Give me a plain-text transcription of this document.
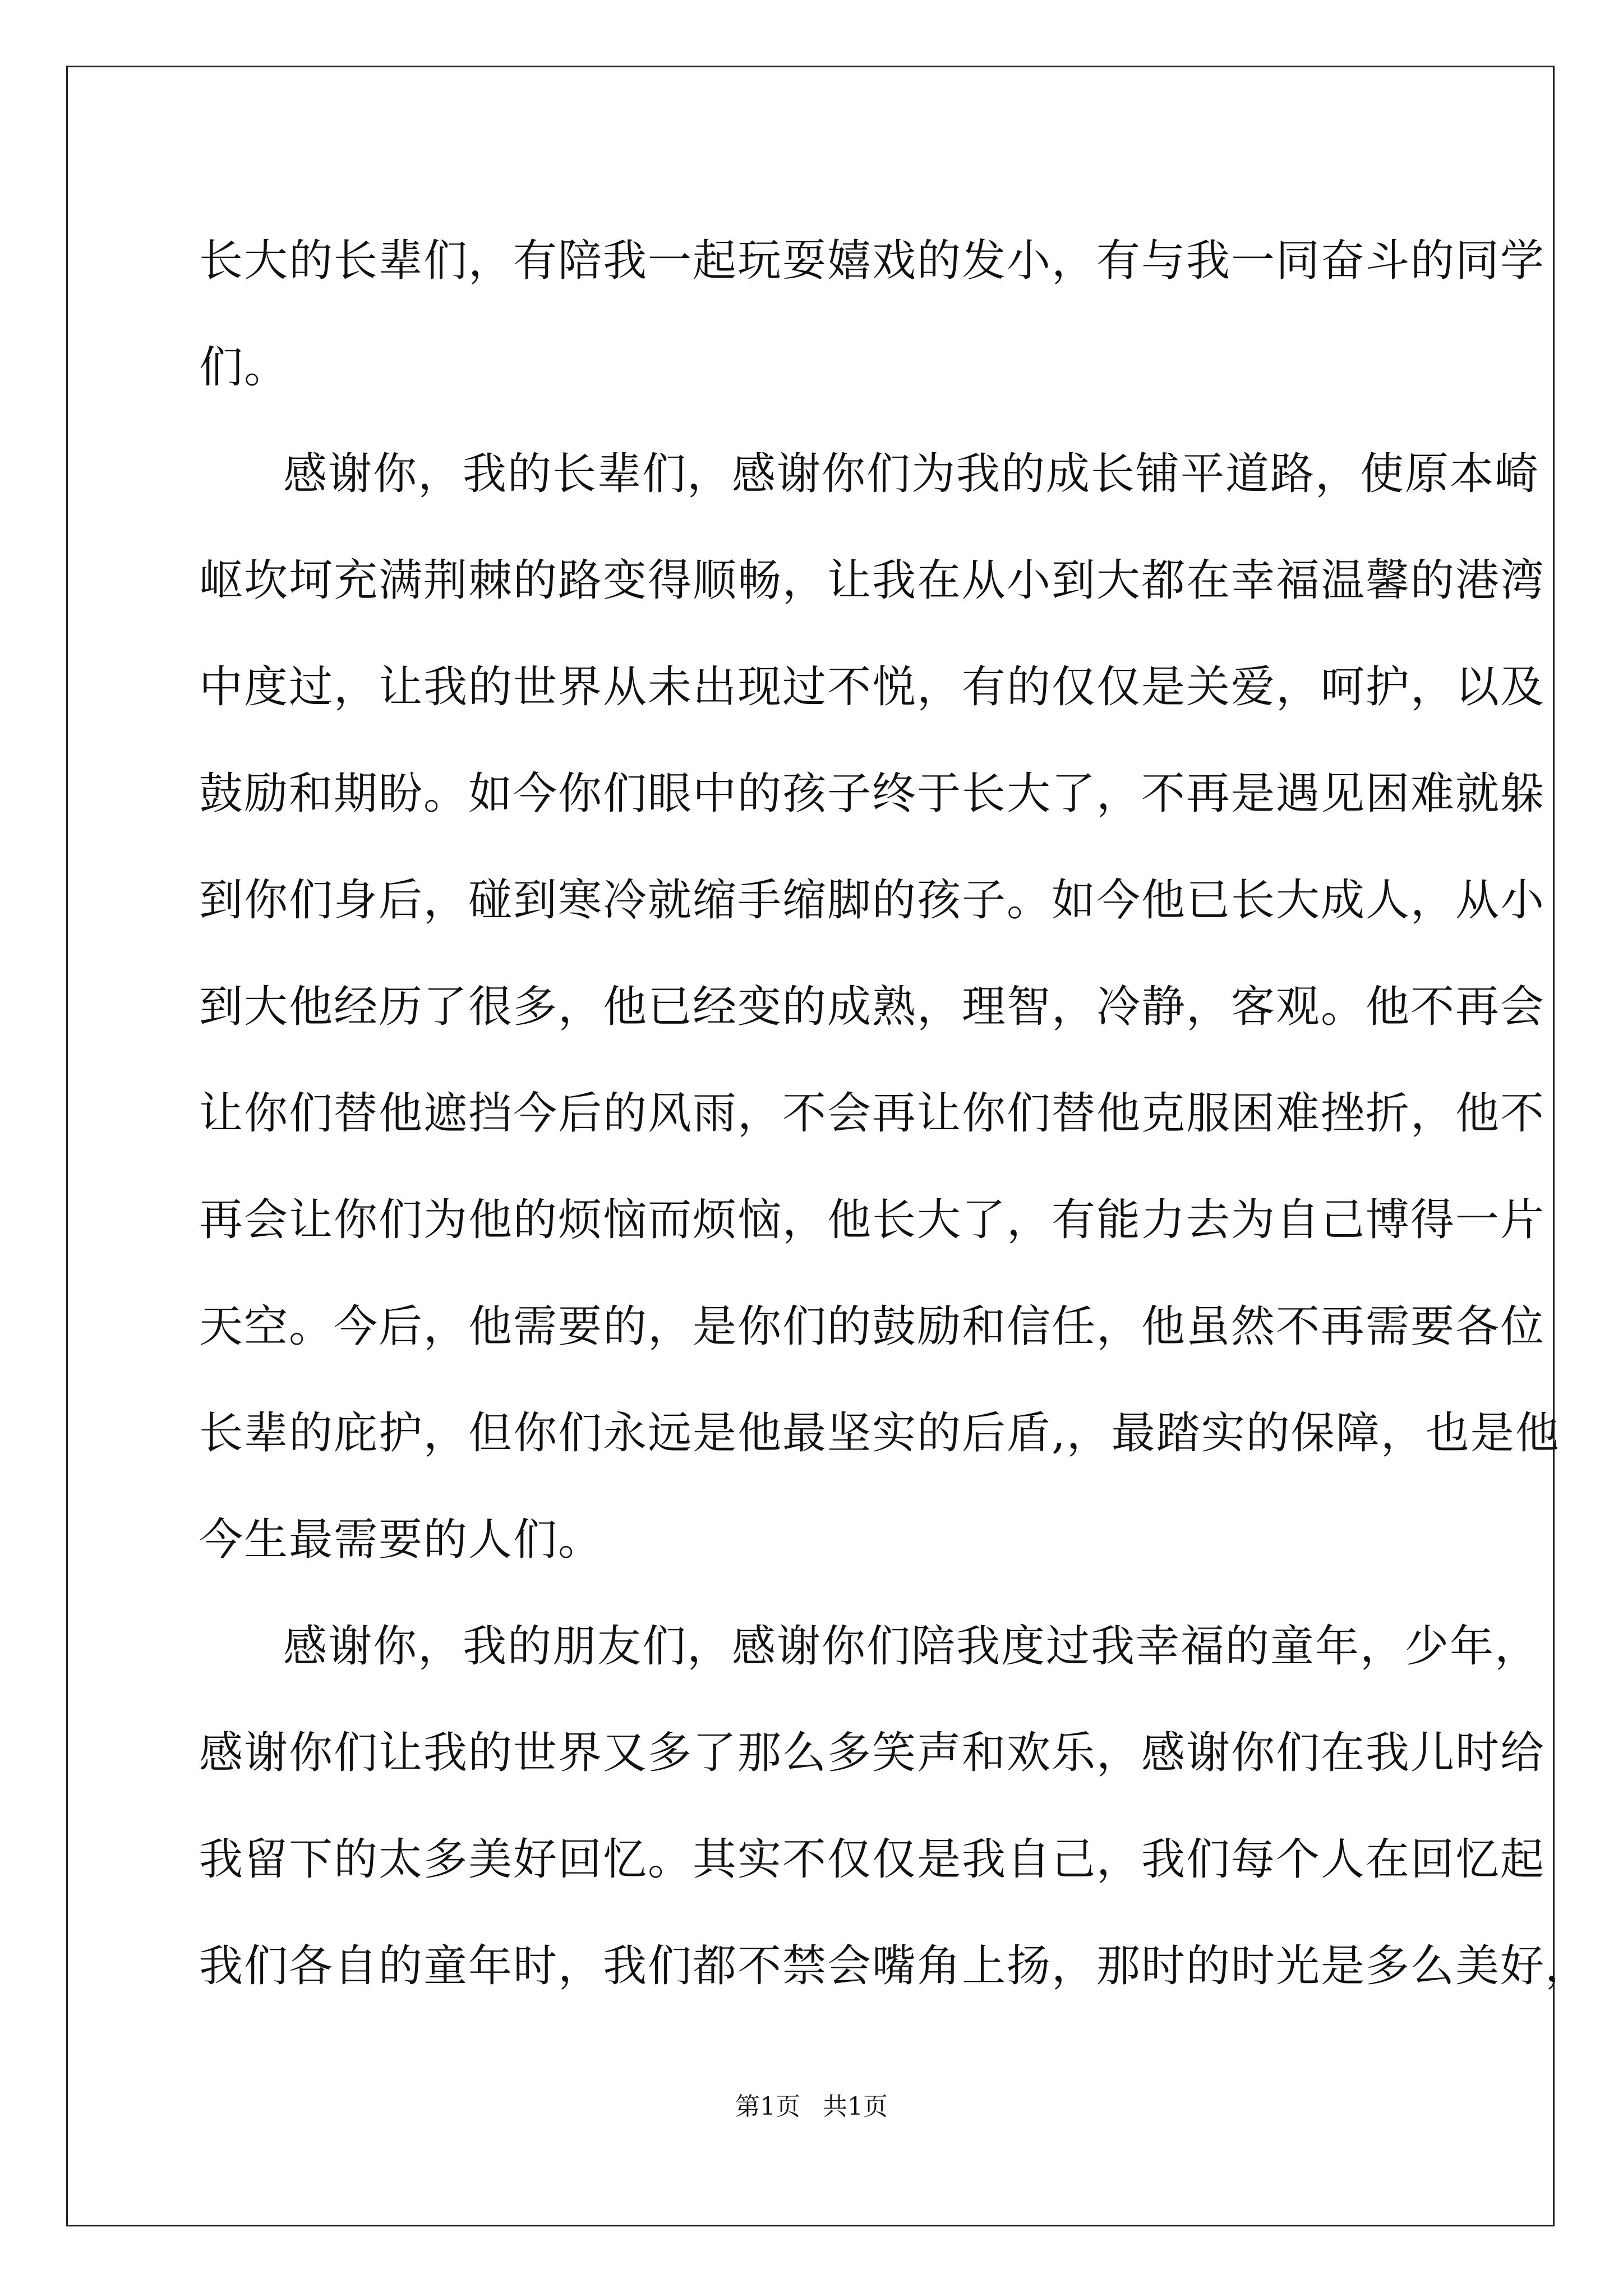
长大的长辈们，有陪我一起玩耍嬉戏的发小，有与我一同奋斗的同学
们。
感谢你，我的长辈们，感谢你们为我的成长铺平道路，使原本崎
岖坎坷充满荆棘的路变得顺畅，让我在从小到大都在幸福温馨的港湾
中度过，让我的世界从未出现过不悦，有的仅仅是关爱，呵护，以及
鼓励和期盼。如今你们眼中的孩子终于长大了，不再是遇见困难就躲
到你们身后，碰到寒冷就缩手缩脚的孩子。如今他已长大成人，从小
到大他经历了很多，他已经变的成熟，理智，冷静，客观。他不再会
让你们替他遮挡今后的风雨，不会再让你们替他克服困难挫折，他不
再会让你们为他的烦恼而烦恼，他长大了，有能力去为自己博得一片
天空。今后，他需要的，是你们的鼓励和信任，他虽然不再需要各位
长辈的庇护，但你们永远是他最坚实的后盾,，最踏实的保障，也是他
今生最需要的人们。
感谢你，我的朋友们，感谢你们陪我度过我幸福的童年，少年，
感谢你们让我的世界又多了那么多笑声和欢乐，感谢你们在我儿时给
我留下的太多美好回忆。其实不仅仅是我自己，我们每个人在回忆起
我们各自的童年时，我们都不禁会嘴角上扬，那时的时光是多么美好，
第1页 共1页
